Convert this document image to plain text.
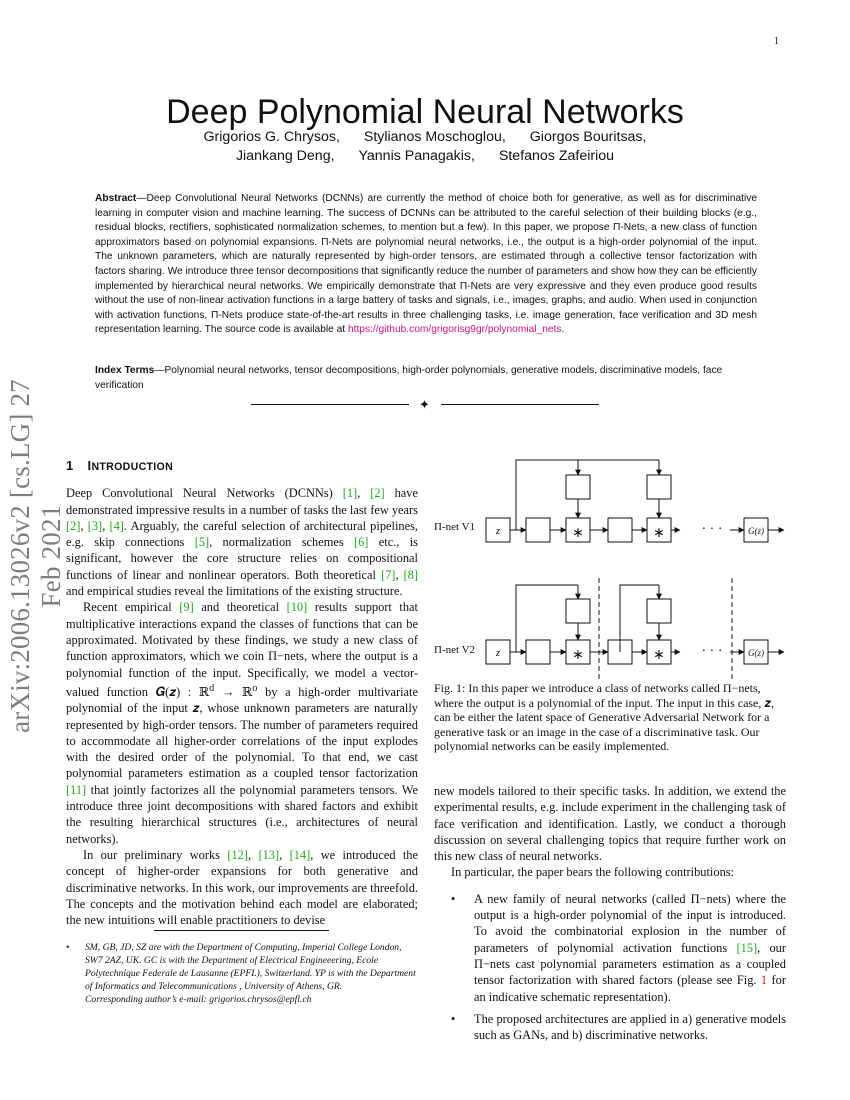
1
Deep Polynomial Neural Networks
Grigorios G. Chrysos, Stylianos Moschoglou, Giorgos Bouritsas,
Jiankang Deng, Yannis Panagakis, Stefanos Zafeiriou
Abstract—Deep Convolutional Neural Networks (DCNNs) are currently the method of choice both for generative, as well as for discriminative learning in computer vision and machine learning. The success of DCNNs can be attributed to the careful selection of their building blocks (e.g., residual blocks, rectifiers, sophisticated normalization schemes, to mention but a few). In this paper, we propose Π-Nets, a new class of function approximators based on polynomial expansions. Π-Nets are polynomial neural networks, i.e., the output is a high-order polynomial of the input. The unknown parameters, which are naturally represented by high-order tensors, are estimated through a collective tensor factorization with factors sharing. We introduce three tensor decompositions that significantly reduce the number of parameters and show how they can be efficiently implemented by hierarchical neural networks. We empirically demonstrate that Π-Nets are very expressive and they even produce good results without the use of non-linear activation functions in a large battery of tasks and signals, i.e., images, graphs, and audio. When used in conjunction with activation functions, Π-Nets produce state-of-the-art results in three challenging tasks, i.e. image generation, face verification and 3D mesh representation learning. The source code is available at https://github.com/grigorisg9gr/polynomial_nets.
Index Terms—Polynomial neural networks, tensor decompositions, high-order polynomials, generative models, discriminative models, face verification
✦
arXiv:2006.13026v2 [cs.LG] 27 Feb 2021
1 INTRODUCTION

Deep Convolutional Neural Networks (DCNNs) [1], [2] have demonstrated impressive results in a number of tasks the last few years [2], [3], [4]. Arguably, the careful selection of architectural pipelines, e.g. skip connections [5], normalization schemes [6] etc., is significant, however the core structure relies on compositional functions of linear and nonlinear operators. Both theoretical [7], [8] and empirical studies reveal the limitations of the existing structure.

Recent empirical [9] and theoretical [10] results support that multiplicative interactions expand the classes of functions that can be approximated. Motivated by these findings, we study a new class of function approximators, which we coin Π−nets, where the output is a polynomial function of the input. Specifically, we model a vector-valued function 𝑮(𝒛) : ℝ$^d$ → ℝ$^o$ by a high-order multivariate polynomial of the input 𝒛, whose unknown parameters are naturally represented by high-order tensors. The number of parameters required to accommodate all higher-order correlations of the input explodes with the desired order of the polynomial. To that end, we cast polynomial parameters estimation as a coupled tensor factorization [11] that jointly factorizes all the polynomial parameters tensors. We introduce three joint decompositions with shared factors and exhibit the resulting hierarchical structures (i.e., architectures of neural networks).

In our preliminary works [12], [13], [14], we introduced the concept of higher-order expansions for both generative and discriminative networks. In this work, our improvements are threefold. The concepts and the motivation behind each model are elaborated; the new intuitions will enable practitioners to devise

• SM, GB, JD, SZ are with the Department of Computing, Imperial College London, SW7 2AZ, UK. GC is with the Department of Electrical Engineeering, Ecole Polytechnique Federale de Lausanne (EPFL), Switzerland. YP is with the Department of Informatics and Telecommunications , University of Athens, GR.
Corresponding author’s e-mail: grigorios.chrysos@epfl.ch
Π-net V1 z	∗	∗	· · ·	G(z)
Π-net V2 z	∗	∗	· · ·	G(z)
Fig. 1: In this paper we introduce a class of networks called Π−nets, where the output is a polynomial of the input. The input in this case, 𝒛, can be either the latent space of Generative Adversarial Network for a generative task or an image in the case of a discriminative task. Our polynomial networks can be easily implemented.

new models tailored to their specific tasks. In addition, we extend the experimental results, e.g. include experiment in the challenging task of face verification and identification. Lastly, we conduct a thorough discussion on several challenging topics that require further work on this new class of neural networks.

In particular, the paper bears the following contributions:

• A new family of neural networks (called Π−nets) where the output is a high-order polynomial of the input is introduced. To avoid the combinatorial explosion in the number of parameters of polynomial activation functions [15], our Π−nets cast polynomial parameters estimation as a coupled tensor factorization with shared factors (please see Fig. 1 for an indicative schematic representation).
• The proposed architectures are applied in a) generative models such as GANs, and b) discriminative networks.
